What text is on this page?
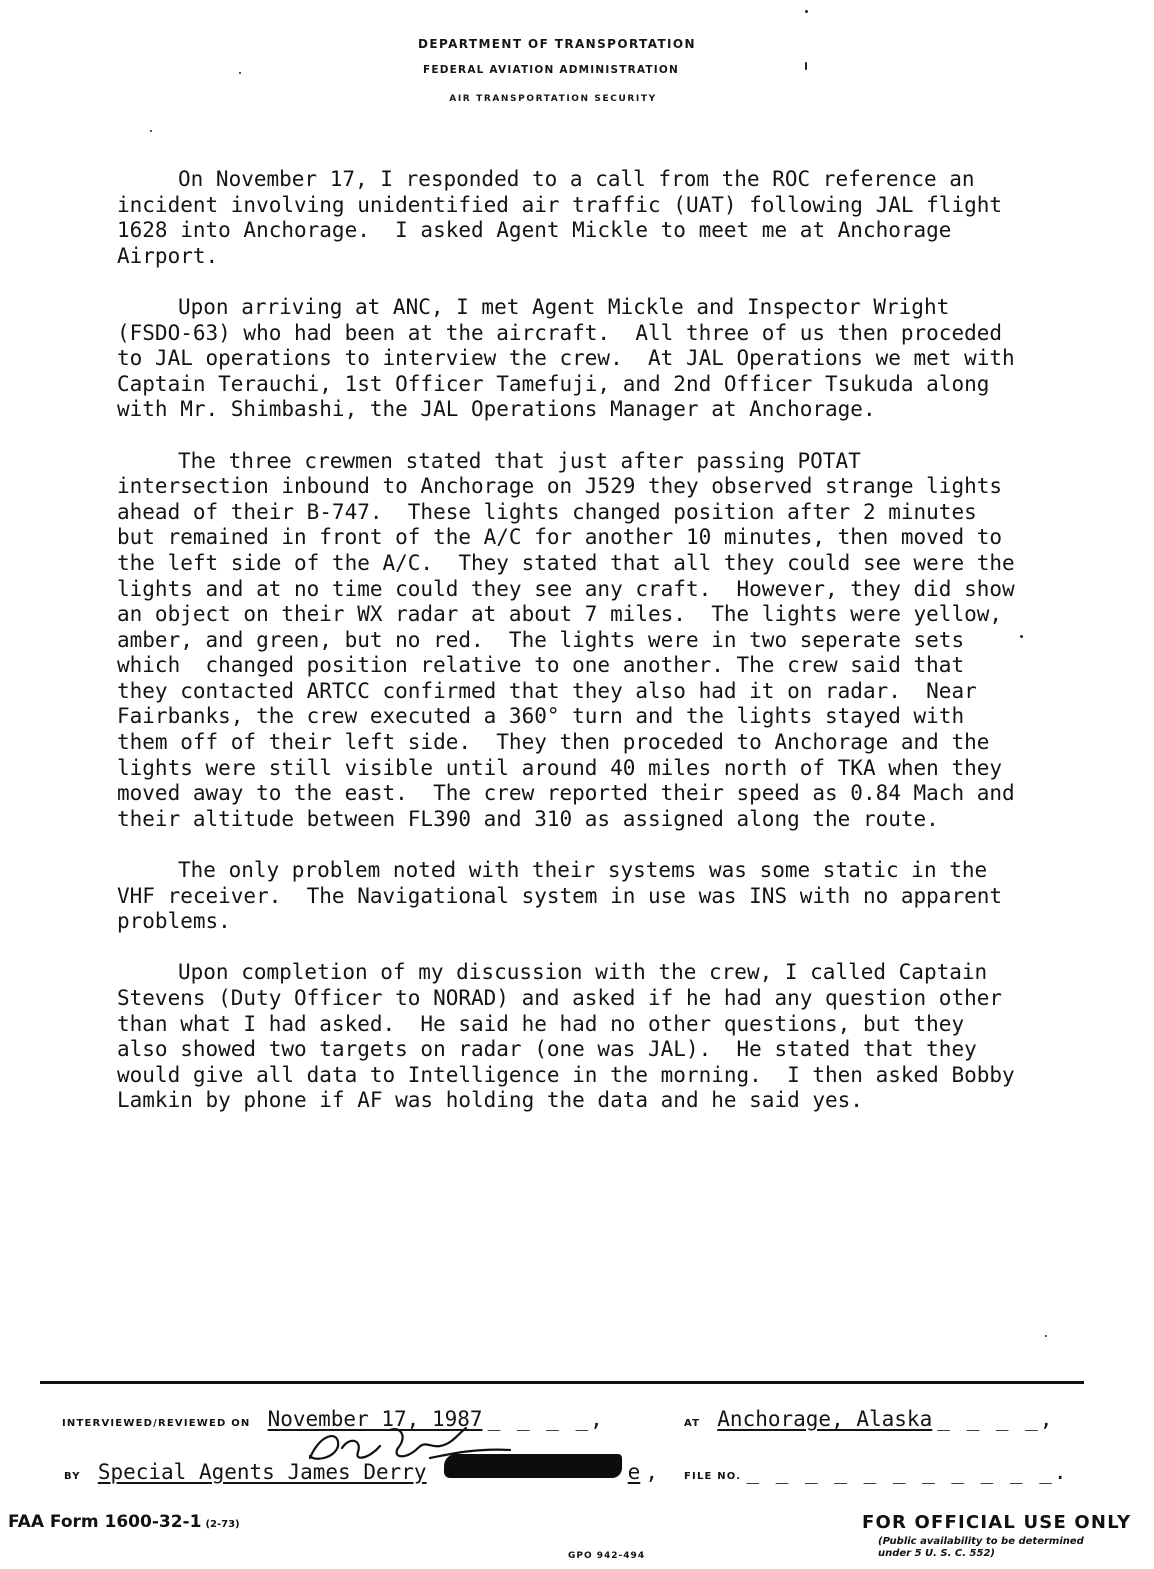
DEPARTMENT OF TRANSPORTATION
FEDERAL AVIATION ADMINISTRATION
AIR TRANSPORTATION SECURITY

On November 17, I responded to a call from the ROC reference an incident involving unidentified air traffic (UAT) following JAL flight 1628 into Anchorage.  I asked Agent Mickle to meet me at Anchorage Airport.

Upon arriving at ANC, I met Agent Mickle and Inspector Wright (FSDO-63) who had been at the aircraft.  All three of us then proceded to JAL operations to interview the crew.  At JAL Operations we met with Captain Terauchi, 1st Officer Tamefuji, and 2nd Officer Tsukuda along with Mr. Shimbashi, the JAL Operations Manager at Anchorage.

The three crewmen stated that just after passing POTAT intersection inbound to Anchorage on J529 they observed strange lights ahead of their B-747.  These lights changed position after 2 minutes but remained in front of the A/C for another 10 minutes, then moved to the left side of the A/C.  They stated that all they could see were the lights and at no time could they see any craft.  However, they did show an object on their WX radar at about 7 miles.  The lights were yellow, amber, and green, but no red.  The lights were in two seperate sets which  changed position relative to one another. The crew said that they contacted ARTCC confirmed that they also had it on radar.  Near Fairbanks, the crew executed a 360° turn and the lights stayed with them off of their left side.  They then proceded to Anchorage and the lights were still visible until around 40 miles north of TKA when they moved away to the east.  The crew reported their speed as 0.84 Mach and their altitude between FL390 and 310 as assigned along the route.

The only problem noted with their systems was some static in the VHF receiver.  The Navigational system in use was INS with no apparent problems.

Upon completion of my discussion with the crew, I called Captain Stevens (Duty Officer to NORAD) and asked if he had any question other than what I had asked.  He said he had no other questions, but they also showed two targets on radar (one was JAL).  He stated that they would give all data to Intelligence in the morning.  I then asked Bobby Lamkin by phone if AF was holding the data and he said yes.

INTERVIEWED/REVIEWED ON November 17, 1987 _ _ _ _,	AT Anchorage, Alaska _ _ _ _,
BY Special Agents James Derry	e , FILE NO. _ _ _ _ _ _ _ _ _ _ _.
FAA Form 1600-32-1 (2-73)
GPO 942-494
FOR OFFICIAL USE ONLY
(Public availability to be determined under 5 U. S. C. 552)
